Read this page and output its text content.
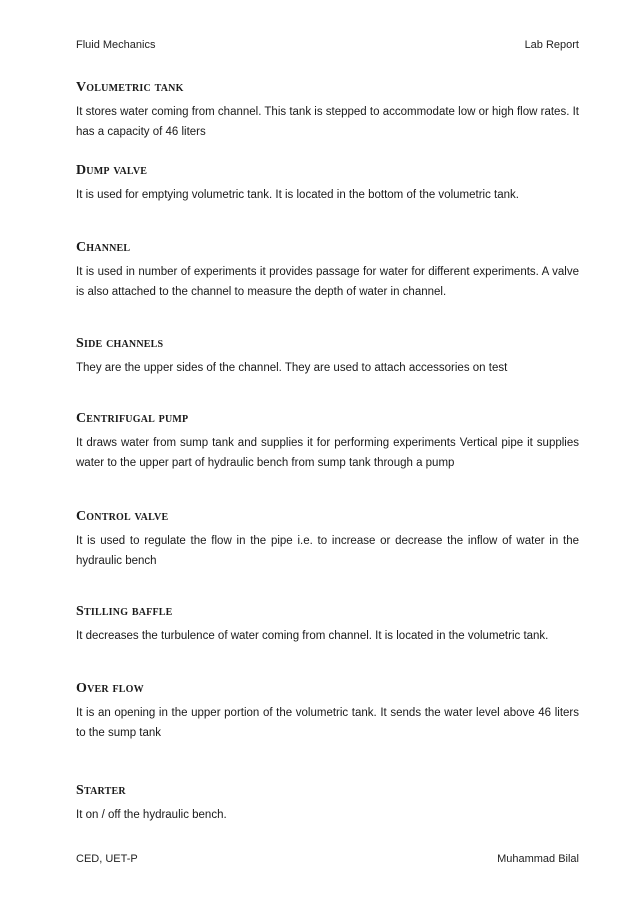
Fluid Mechanics	Lab Report
Volumetric tank

It stores water coming from channel. This tank is stepped to accommodate low or high flow rates. It has a capacity of 46 liters

Dump valve

It is used for emptying volumetric tank. It is located in the bottom of the volumetric tank.

Channel

It is used in number of experiments it provides passage for water for different experiments. A valve is also attached to the channel to measure the depth of water in channel.

Side channels

They are the upper sides of the channel. They are used to attach accessories on test

Centrifugal pump

It draws water from sump tank and supplies it for performing experiments Vertical pipe it supplies water to the upper part of hydraulic bench from sump tank through a pump

Control valve

It is used to regulate the flow in the pipe i.e. to increase or decrease the inflow of water in the hydraulic bench

Stilling baffle

It decreases the turbulence of water coming from channel. It is located in the volumetric tank.

Over flow

It is an opening in the upper portion of the volumetric tank. It sends the water level above 46 liters to the sump tank

Starter

It on / off the hydraulic bench.

CED, UET-P	Muhammad Bilal
